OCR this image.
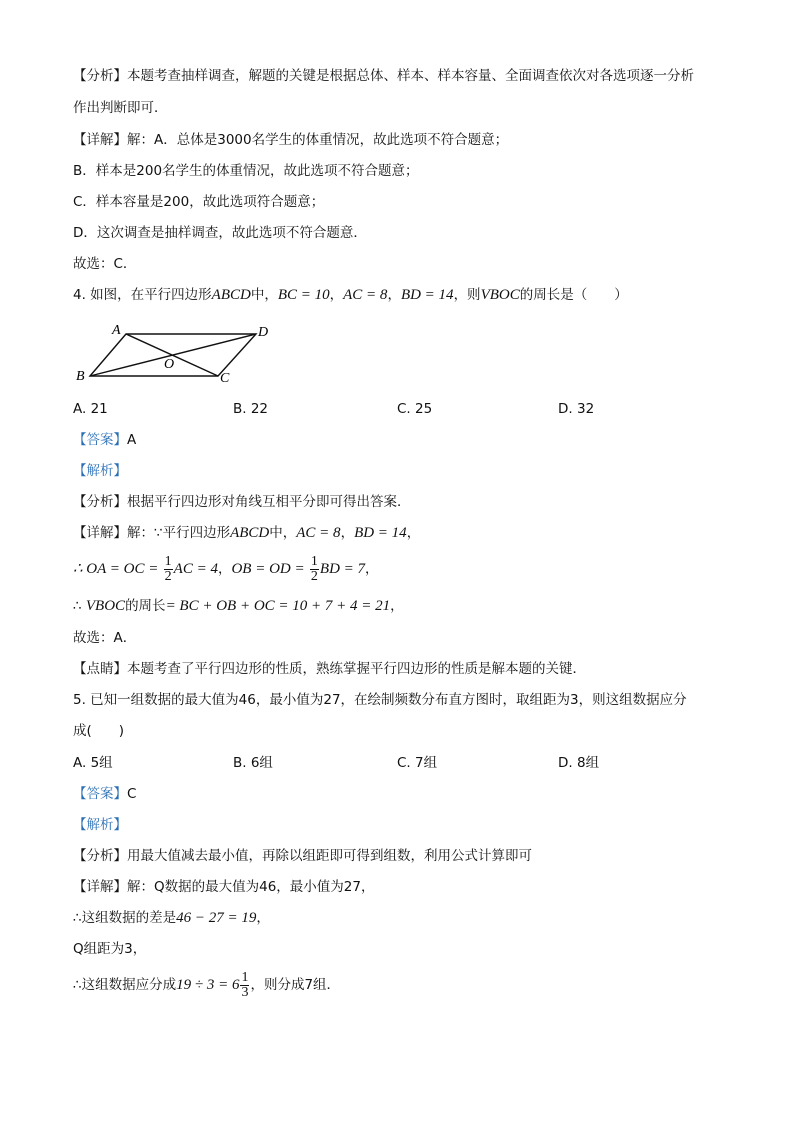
【分析】本题考查抽样调查，解题的关键是根据总体、样本、样本容量、全面调查依次对各选项逐一分析
作出判断即可．
【详解】解：A．总体是3000名学生的体重情况，故此选项不符合题意；
B．样本是200名学生的体重情况，故此选项不符合题意；
C．样本容量是200，故此选项符合题意；
D．这次调查是抽样调查，故此选项不符合题意．
故选：C．
4. 如图，在平行四边形ABCD中，BC = 10，AC = 8，BD = 14，则VBOC的周长是（　　）
A	D
B	C
O
A. 21	B. 22	C. 25	D. 32
【答案】A
【解析】
【分析】根据平行四边形对角线互相平分即可得出答案．
【详解】解：∵平行四边形ABCD中，AC = 8，BD = 14，
∴ OA = OC = $\frac{1}{2}$ AC = 4，OB = OD = $\frac{1}{2}$ BD = 7，
∴ VBOC的周长= BC + OB + OC = 10 + 7 + 4 = 21，
故选：A．
【点睛】本题考查了平行四边形的性质，熟练掌握平行四边形的性质是解本题的关键．
5. 已知一组数据的最大值为46，最小值为27，在绘制频数分布直方图时，取组距为3，则这组数据应分
成(　　)
A. 5组	B. 6组	C. 7组	D. 8组
【答案】C
【解析】
【分析】用最大值减去最小值，再除以组距即可得到组数，利用公式计算即可
【详解】解：Q数据的最大值为46，最小值为27，
∴这组数据的差是46 − 27 = 19，
Q组距为3，
∴这组数据应分成$19 \div 3 = 6 \frac{1}{3}$ ，则分成7组．
